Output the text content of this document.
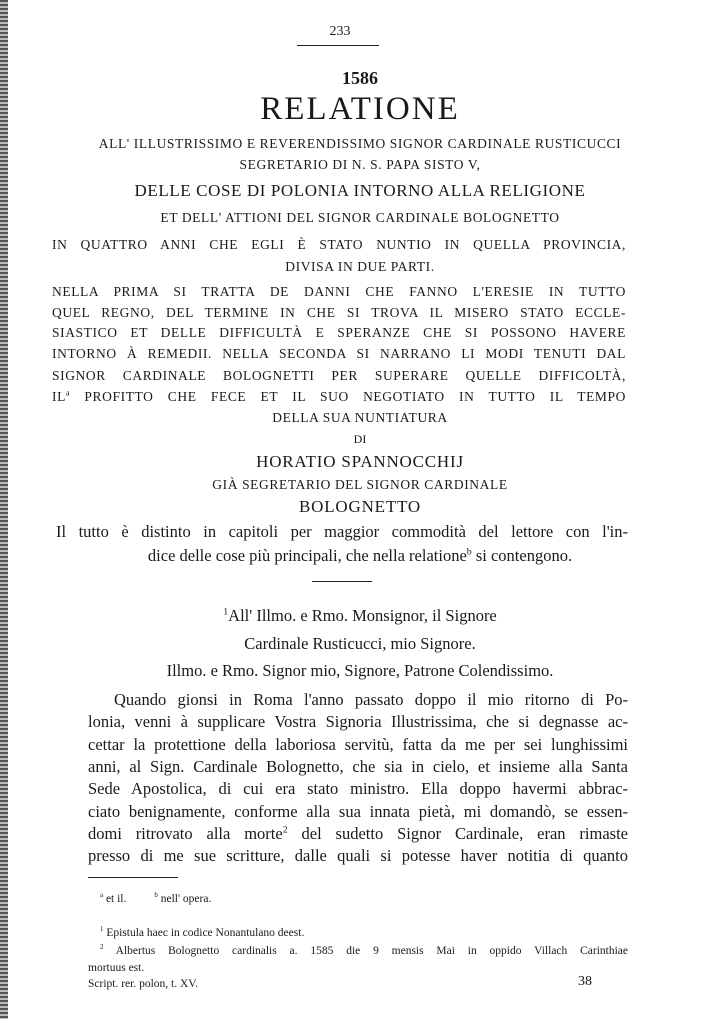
233
1586
RELATIONE
ALL' ILLUSTRISSIMO E REVERENDISSIMO SIGNOR CARDINALE RUSTICUCCI
SEGRETARIO DI N. S. PAPA SISTO V,
DELLE COSE DI POLONIA INTORNO ALLA RELIGIONE
ET DELL' ATTIONI DEL SIGNOR CARDINALE BOLOGNETTO
IN QUATTRO ANNI CHE EGLI È STATO NUNTIO IN QUELLA PROVINCIA,
DIVISA IN DUE PARTI.
NELLA PRIMA SI TRATTA DE DANNI CHE FANNO L'ERESIE IN TUTTO
QUEL REGNO, DEL TERMINE IN CHE SI TROVA IL MISERO STATO ECCLE-
SIASTICO ET DELLE DIFFICULTÀ E SPERANZE CHE SI POSSONO HAVERE
INTORNO À REMEDII. NELLA SECONDA SI NARRANO LI MODI TENUTI DAL
SIGNOR CARDINALE BOLOGNETTI PER SUPERARE QUELLE DIFFICOLTÀ,
$IL^a$ PROFITTO CHE FECE ET IL SUO NEGOTIATO IN TUTTO IL TEMPO
DELLA SUA NUNTIATURA
DI
HORATIO SPANNOCCHIJ
GIÀ SEGRETARIO DEL SIGNOR CARDINALE
BOLOGNETTO
Il tutto è distinto in capitoli per maggior commodità del lettore con l'in-
dice delle cose più principali, che nella relatione$^b$ si contengono.
$^1$All' Illmo. e Rmo. Monsignor, il Signore
Cardinale Rusticucci, mio Signore.
Illmo. e Rmo. Signor mio, Signore, Patrone Colendissimo.
Quando gionsi in Roma l'anno passato doppo il mio ritorno di Po-
lonia, venni à supplicare Vostra Signoria Illustrissima, che si degnasse ac-
cettar la protettione della laboriosa servitù, fatta da me per sei lunghissimi
anni, al Sign. Cardinale Bolognetto, che sia in cielo, et insieme alla Santa
Sede Apostolica, di cui era stato ministro. Ella doppo havermi abbrac-
ciato benignamente, conforme alla sua innata pietà, mi domandò, se essen-
domi ritrovato alla morte$^2$ del sudetto Signor Cardinale, eran rimaste
presso di me sue scritture, dalle quali si potesse haver notitia di quanto
$^a$ et il.	$^b$ nell' opera.
$^1$ Epistula haec in codice Nonantulano deest.
$^2$ Albertus Bolognetto cardinalis a. 1585 die 9 mensis Mai in oppido Villach Carinthiae
mortuus est.
Script. rer. polon, t. XV.	38
